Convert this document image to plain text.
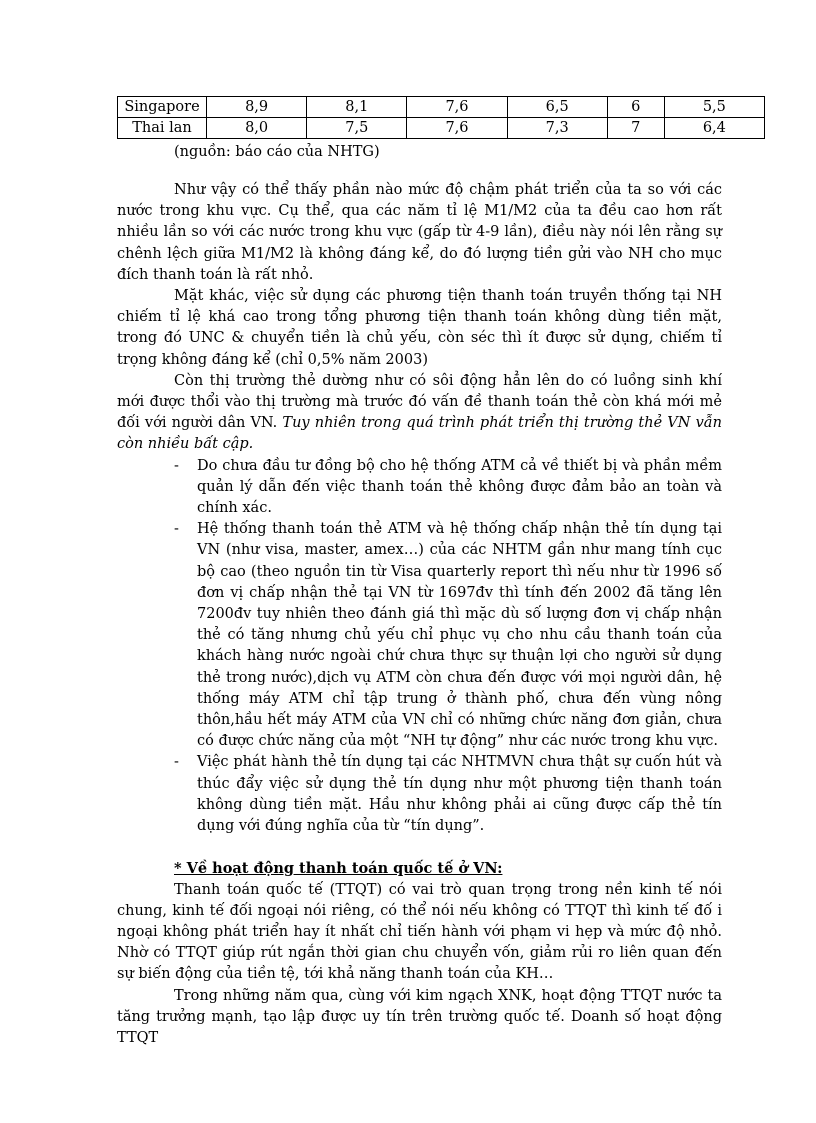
Singapore	8,9	8,1	7,6	6,5	6	5,5
Thai lan	8,0	7,5	7,6	7,3	7	6,4
(nguồn: báo cáo của NHTG)

Như vậy có thể thấy phần nào mức độ chậm phát triển của ta so với các nước trong khu vực. Cụ thể, qua các năm tỉ lệ M1/M2 của ta đều cao hơn rất nhiều lần so với các nước trong khu vực (gấp từ 4-9 lần), điều này nói lên rằng sự chênh lệch giữa M1/M2 là không đáng kể, do đó lượng tiền gửi vào NH cho mục đích thanh toán là rất nhỏ.

Mặt khác, việc sử dụng các phương tiện thanh toán truyền thống tại NH chiếm tỉ lệ khá cao trong tổng phương tiện thanh toán không dùng tiền mặt, trong đó UNC & chuyển tiền là chủ yếu, còn séc thì ít được sử dụng, chiếm tỉ trọng không đáng kể (chỉ 0,5% năm 2003)

Còn thị trường thẻ dường như có sôi động hẳn lên do có luồng sinh khí mới được thổi vào thị trường mà trước đó vấn đề thanh toán thẻ còn khá mới mẻ đối với người dân VN. Tuy nhiên trong quá trình phát triển thị trường thẻ VN vẫn còn nhiều bất cập.

- Do chưa đầu tư đồng bộ cho hệ thống ATM cả về thiết bị và phần mềm quản lý dẫn đến việc thanh toán thẻ không được đảm bảo an toàn và chính xác.
- Hệ thống thanh toán thẻ ATM và hệ thống chấp nhận thẻ tín dụng tại VN (như visa, master, amex…) của các NHTM gần như mang tính cục bộ cao (theo nguồn tin từ Visa quarterly report thì nếu như từ 1996 số đơn vị chấp nhận thẻ tại VN từ 1697đv thì tính đến 2002 đã tăng lên 7200đv tuy nhiên theo đánh giá thì mặc dù số lượng đơn vị chấp nhận thẻ có tăng nhưng chủ yếu chỉ phục vụ cho nhu cầu thanh toán của khách hàng nước ngoài chứ chưa thực sự thuận lợi cho người sử dụng thẻ trong nước),dịch vụ ATM còn chưa đến được với mọi người dân, hệ thống máy ATM chỉ tập trung ở thành phố, chưa đến vùng nông thôn,hầu hết máy ATM của VN chỉ có những chức năng đơn giản, chưa có được chức năng của một “NH tự động” như các nước trong khu vực.
- Việc phát hành thẻ tín dụng tại các NHTMVN chưa thật sự cuốn hút và thúc đẩy việc sử dụng thẻ tín dụng như một phương tiện thanh toán không dùng tiền mặt. Hầu như không phải ai cũng được cấp thẻ tín dụng với đúng nghĩa của từ “tín dụng”.

* Về hoạt động thanh toán quốc tế ở VN:

Thanh toán quốc tế (TTQT) có vai trò quan trọng trong nền kinh tế nói chung, kinh tế đối ngoại nói riêng, có thể nói nếu không có TTQT thì kinh tế đố i ngoại không phát triển hay ít nhất chỉ tiến hành với phạm vi hẹp và mức độ nhỏ. Nhờ có TTQT giúp rút ngắn thời gian chu chuyển vốn, giảm rủi ro liên quan đến sự biến động của tiền tệ, tới khả năng thanh toán của KH…

Trong những năm qua, cùng với kim ngạch XNK, hoạt động TTQT nước ta tăng trưởng mạnh, tạo lập được uy tín trên trường quốc tế. Doanh số hoạt động TTQT
